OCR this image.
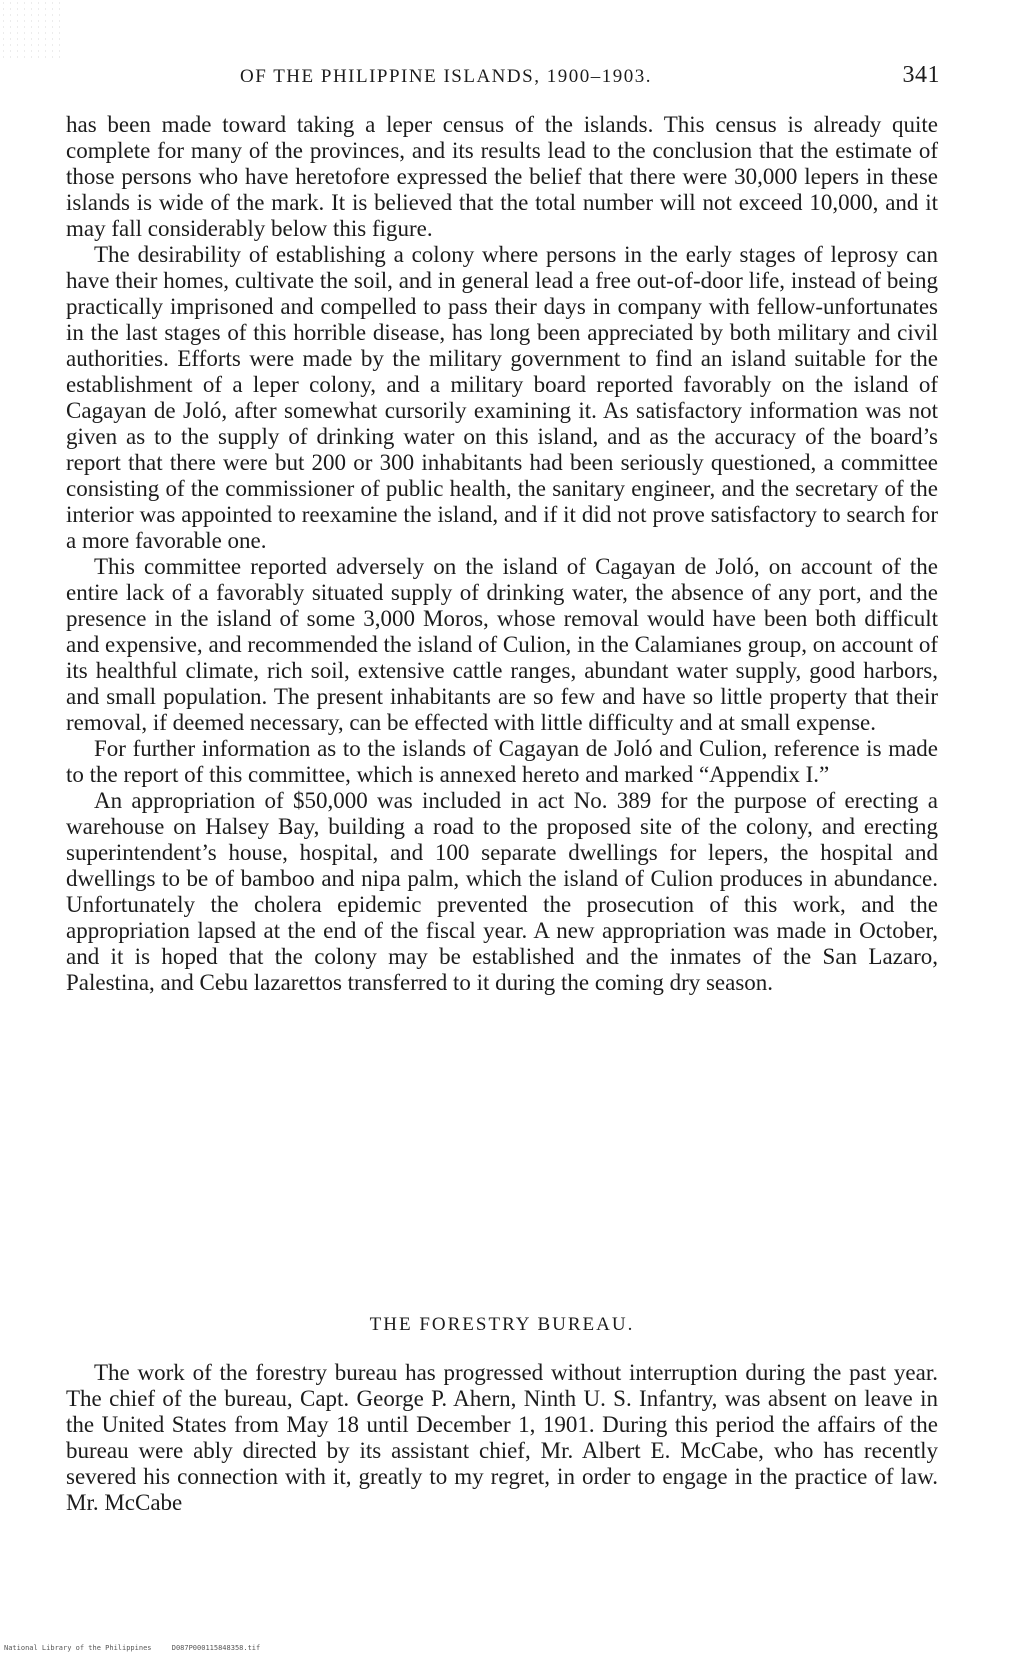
OF THE PHILIPPINE ISLANDS, 1900–1903.	341

has been made toward taking a leper census of the islands. This census is already quite complete for many of the provinces, and its results lead to the conclusion that the estimate of those persons who have heretofore expressed the belief that there were 30,000 lepers in these islands is wide of the mark. It is believed that the total number will not exceed 10,000, and it may fall considerably below this figure.

The desirability of establishing a colony where persons in the early stages of leprosy can have their homes, cultivate the soil, and in general lead a free out-of-door life, instead of being practically imprisoned and compelled to pass their days in company with fellow-unfortunates in the last stages of this horrible disease, has long been appreciated by both military and civil authorities. Efforts were made by the military government to find an island suitable for the establishment of a leper colony, and a military board reported favorably on the island of Cagayan de Joló, after somewhat cursorily examining it. As satisfactory information was not given as to the supply of drinking water on this island, and as the accuracy of the board’s report that there were but 200 or 300 inhabitants had been seriously questioned, a committee consisting of the commissioner of public health, the sanitary engineer, and the secretary of the interior was appointed to reexamine the island, and if it did not prove satisfactory to search for a more favorable one.

This committee reported adversely on the island of Cagayan de Joló, on account of the entire lack of a favorably situated supply of drinking water, the absence of any port, and the presence in the island of some 3,000 Moros, whose removal would have been both difficult and expensive, and recommended the island of Culion, in the Calamianes group, on account of its healthful climate, rich soil, extensive cattle ranges, abundant water supply, good harbors, and small population. The present inhabitants are so few and have so little property that their removal, if deemed necessary, can be effected with little difficulty and at small expense.

For further information as to the islands of Cagayan de Joló and Culion, reference is made to the report of this committee, which is annexed hereto and marked “Appendix I.”

An appropriation of $50,000 was included in act No. 389 for the purpose of erecting a warehouse on Halsey Bay, building a road to the proposed site of the colony, and erecting superintendent’s house, hospital, and 100 separate dwellings for lepers, the hospital and dwellings to be of bamboo and nipa palm, which the island of Culion produces in abundance. Unfortunately the cholera epidemic prevented the prosecution of this work, and the appropriation lapsed at the end of the fiscal year. A new appropriation was made in October, and it is hoped that the colony may be established and the inmates of the San Lazaro, Palestina, and Cebu lazarettos transferred to it during the coming dry season.

THE FORESTRY BUREAU.

The work of the forestry bureau has progressed without interruption during the past year. The chief of the bureau, Capt. George P. Ahern, Ninth U. S. Infantry, was absent on leave in the United States from May 18 until December 1, 1901. During this period the affairs of the bureau were ably directed by its assistant chief, Mr. Albert E. McCabe, who has recently severed his connection with it, greatly to my regret, in order to engage in the practice of law. Mr. McCabe

National Library of the Philippines	D087P000115848358.tif
